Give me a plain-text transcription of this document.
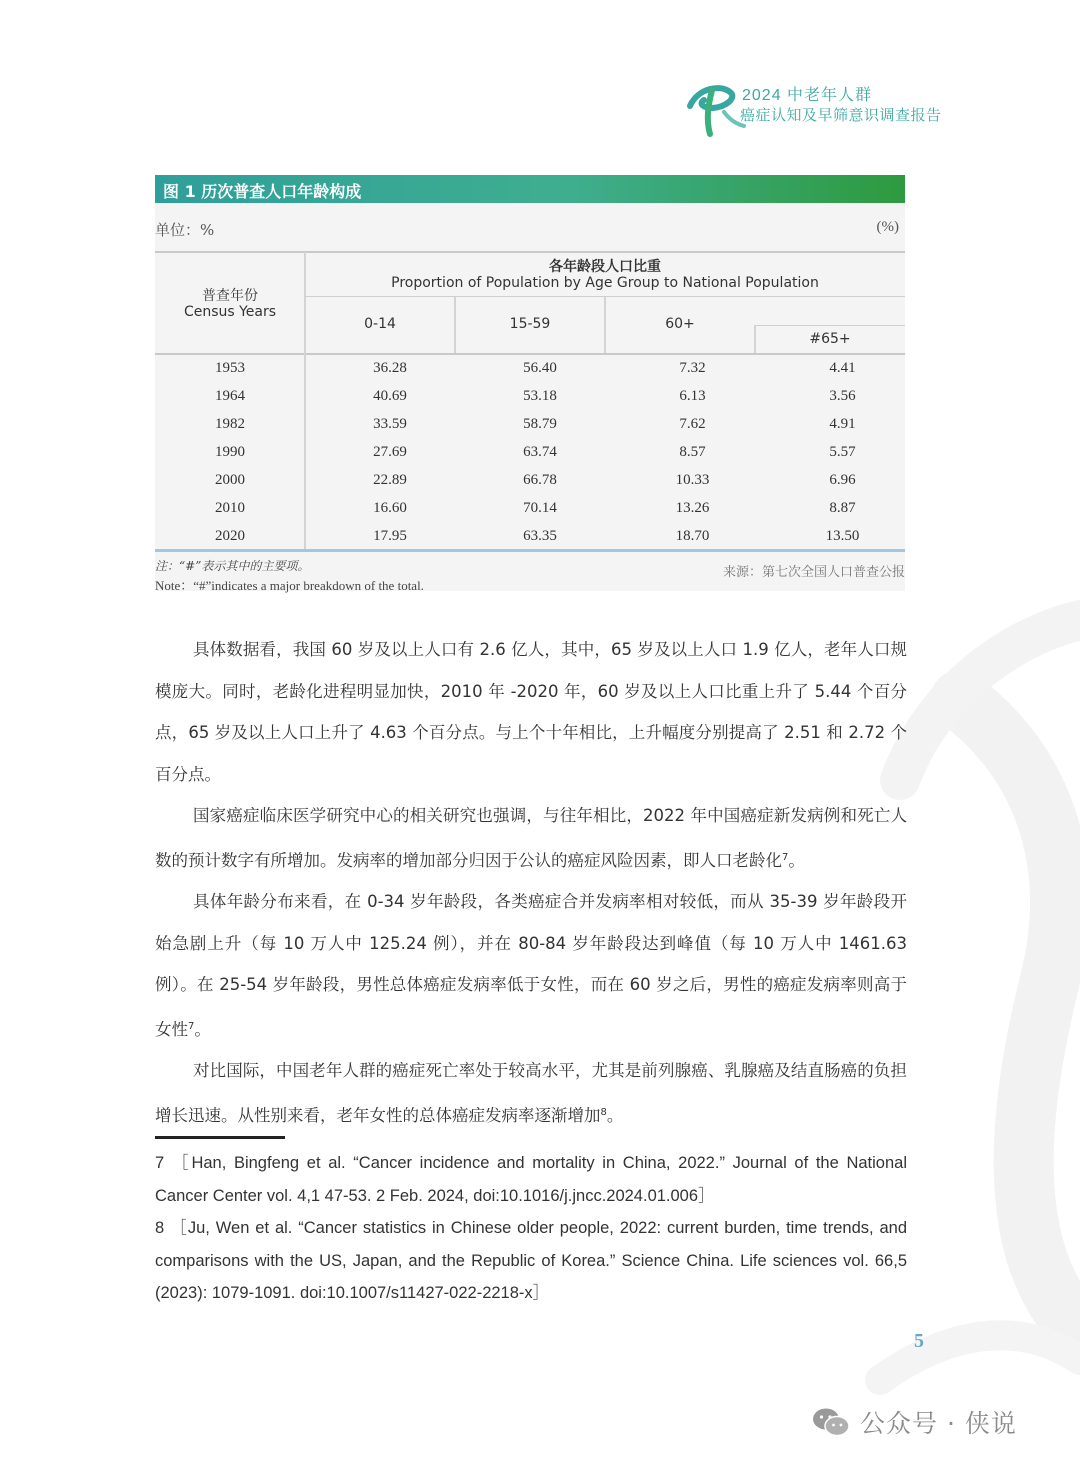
2024 中老年人群
癌症认知及早筛意识调查报告
图 1 历次普查人口年龄构成
单位：%	(%)
普查年份
Census Years
各年龄段人口比重
Proportion of Population by Age Group to National Population
0-14	15-59	60+
#65+
1953	36.28	56.40	7.32	4.41
1964	40.69	53.18	6.13	3.56
1982	33.59	58.79	7.62	4.91
1990	27.69	63.74	8.57	5.57
2000	22.89	66.78	10.33	6.96
2010	16.60	70.14	13.26	8.87
2020	17.95	63.35	18.70	13.50
注：“#”表示其中的主要项。
Note：“#”indicates a major breakdown of the total.
来源：第七次全国人口普查公报

具体数据看，我国 60 岁及以上人口有 2.6 亿人，其中，65 岁及以上人口 1.9 亿人，老年人口规模庞大。同时，老龄化进程明显加快，2010 年 -2020 年，60 岁及以上人口比重上升了 5.44 个百分点，65 岁及以上人口上升了 4.63 个百分点。与上个十年相比，上升幅度分别提高了 2.51 和 2.72 个百分点。

国家癌症临床医学研究中心的相关研究也强调，与往年相比，2022 年中国癌症新发病例和死亡人数的预计数字有所增加。发病率的增加部分归因于公认的癌症风险因素，即人口老龄化$^7$。

具体年龄分布来看，在 0-34 岁年龄段，各类癌症合并发病率相对较低，而从 35-39 岁年龄段开始急剧上升（每 10 万人中 125.24 例），并在 80-84 岁年龄段达到峰值（每 10 万人中 1461.63 例）。在 25-54 岁年龄段，男性总体癌症发病率低于女性，而在 60 岁之后，男性的癌症发病率则高于女性$^7$。

对比国际，中国老年人群的癌症死亡率处于较高水平，尤其是前列腺癌、乳腺癌及结直肠癌的负担增长迅速。从性别来看，老年女性的总体癌症发病率逐渐增加$^8$。

7 ［Han, Bingfeng et al. “Cancer incidence and mortality in China, 2022.” Journal of the National Cancer Center vol. 4,1 47-53. 2 Feb. 2024, doi:10.1016/j.jncc.2024.01.006］
8 ［Ju, Wen et al. “Cancer statistics in Chinese older people, 2022: current burden, time trends, and comparisons with the US, Japan, and the Republic of Korea.” Science China. Life sciences vol. 66,5 (2023): 1079-1091. doi:10.1007/s11427-022-2218-x］
5
公众号 · 侠说
